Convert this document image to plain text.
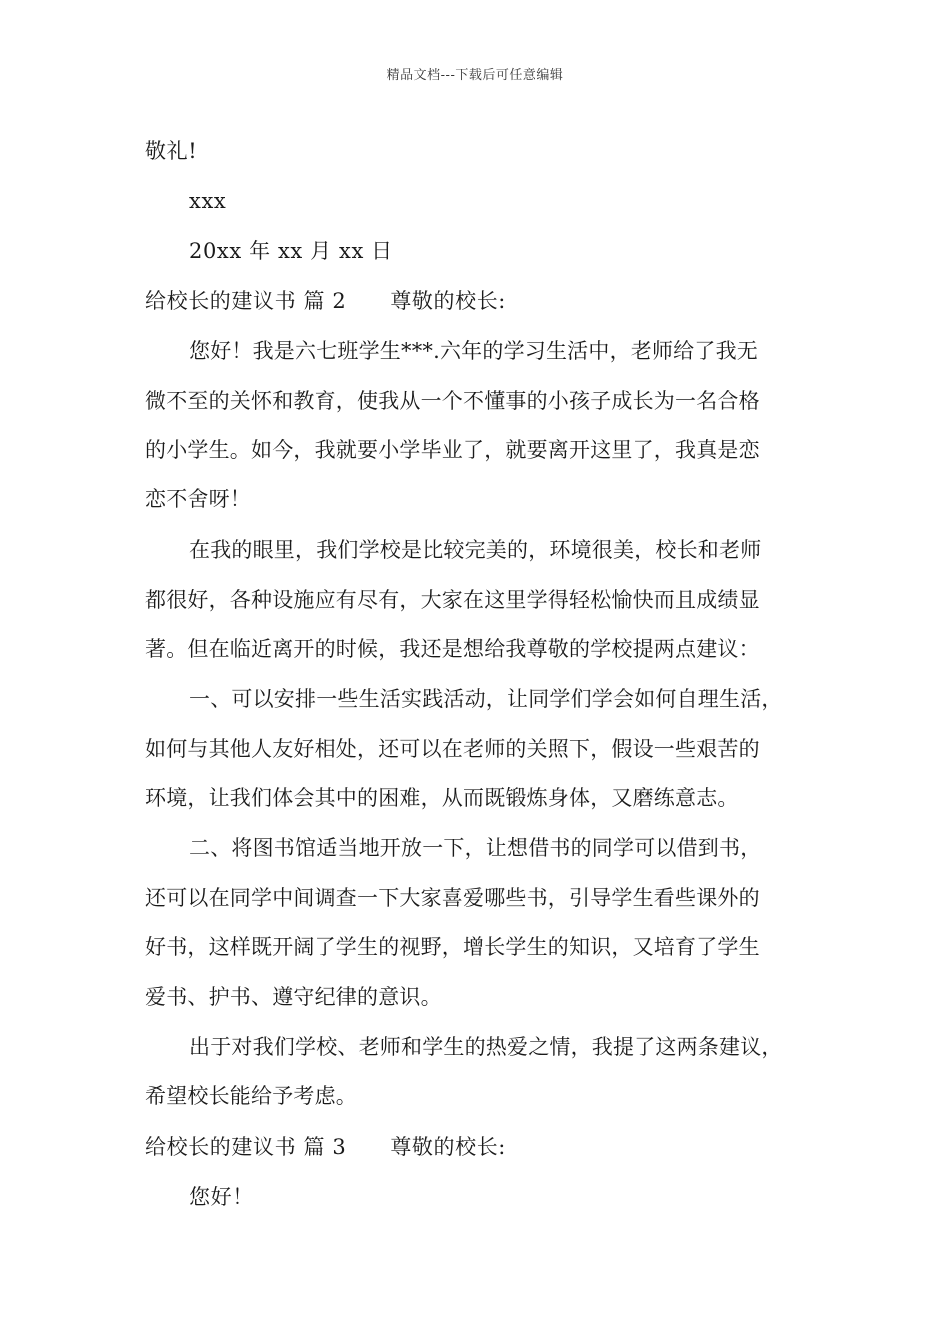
精品文档---下载后可任意编辑
敬礼!
xxx
20xx 年 xx 月 xx 日
给校长的建议书 篇 2 尊敬的校长:
您好！我是六七班学生***.六年的学习生活中，老师给了我无
微不至的关怀和教育，使我从一个不懂事的小孩子成长为一名合格
的小学生。如今，我就要小学毕业了，就要离开这里了，我真是恋
恋不舍呀！
在我的眼里，我们学校是比较完美的，环境很美，校长和老师
都很好，各种设施应有尽有，大家在这里学得轻松愉快而且成绩显
著。但在临近离开的时候，我还是想给我尊敬的学校提两点建议：
一、可以安排一些生活实践活动，让同学们学会如何自理生活，
如何与其他人友好相处，还可以在老师的关照下，假设一些艰苦的
环境，让我们体会其中的困难，从而既锻炼身体，又磨练意志。
二、将图书馆适当地开放一下，让想借书的同学可以借到书，
还可以在同学中间调查一下大家喜爱哪些书，引导学生看些课外的
好书，这样既开阔了学生的视野，增长学生的知识，又培育了学生
爱书、护书、遵守纪律的意识。
出于对我们学校、老师和学生的热爱之情，我提了这两条建议，
希望校长能给予考虑。
给校长的建议书 篇 3 尊敬的校长:
您好！
